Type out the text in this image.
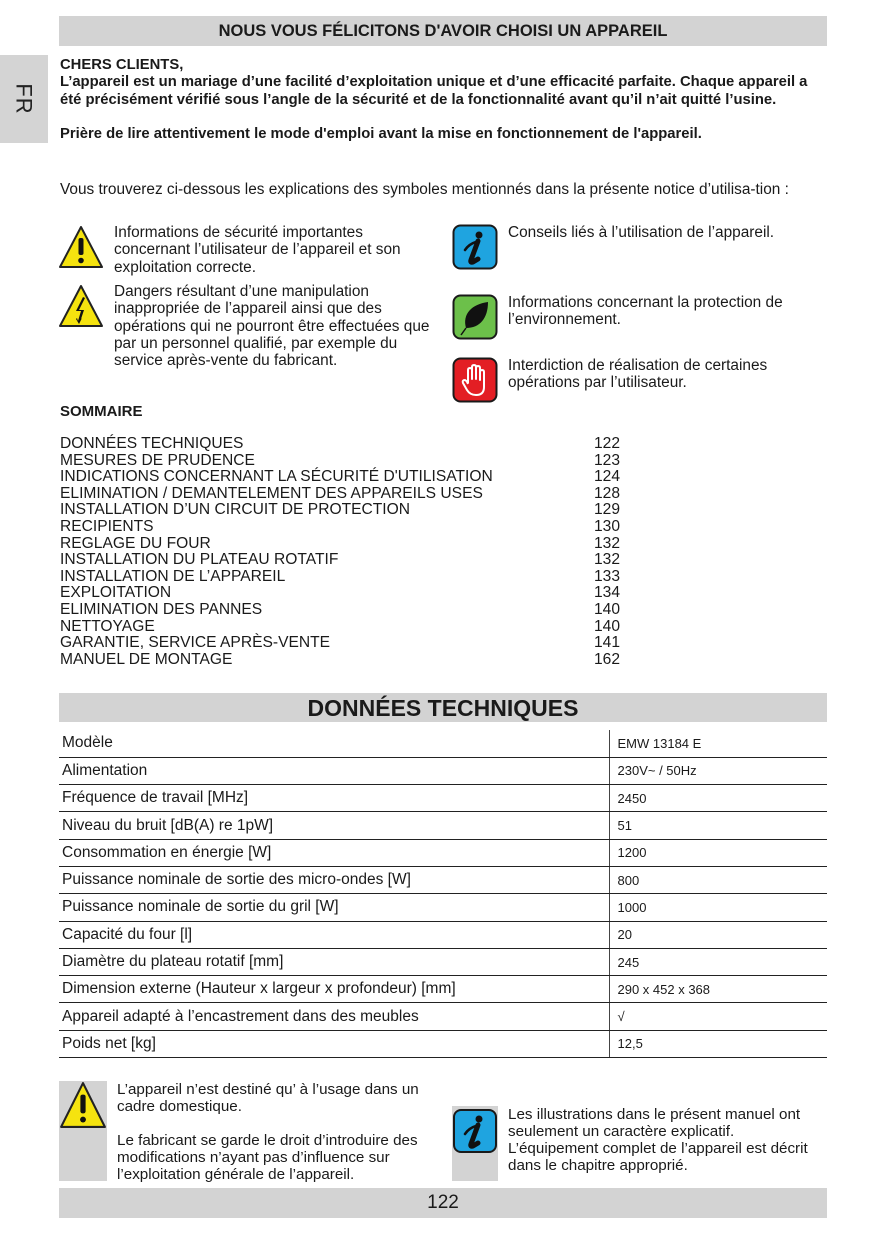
FR
NOUS VOUS FÉLICITONS D'AVOIR CHOISI UN APPAREIL

CHERS CLIENTS,

L’appareil est un mariage d’une facilité d’exploitation unique et d’une efficacité parfaite. Chaque appareil a été précisément vérifié sous l’angle de la sécurité et de la fonctionnalité avant qu’il n’ait quitté l’usine.

Prière de lire attentivement le mode d'emploi avant la mise en fonctionnement de l'appareil.

Vous trouverez ci-dessous les explications des symboles mentionnés dans la présente notice d’utilisa-tion :
Informations de sécurité importantes concernant l’utilisateur de l’appareil et son exploitation correcte.
Dangers résultant d’une manipulation inappropriée de l’appareil ainsi que des opérations qui ne pourront être effectuées que par un personnel qualifié, par exemple du service après-vente du fabricant.
Conseils liés à l’utilisation de l’appareil.
Informations concernant la protection de l’environnement.
Interdiction de réalisation de certaines opérations par l’utilisateur.
SOMMAIRE
DONNÉES TECHNIQUES	122
MESURES DE PRUDENCE	123
INDICATIONS CONCERNANT LA SÉCURITÉ D'UTILISATION	124
ELIMINATION / DEMANTELEMENT DES APPAREILS USES	128
INSTALLATION D’UN CIRCUIT DE PROTECTION	129
RECIPIENTS	130
REGLAGE DU FOUR	132
INSTALLATION DU PLATEAU ROTATIF	132
INSTALLATION DE L’APPAREIL	133
EXPLOITATION	134
ELIMINATION DES PANNES	140
NETTOYAGE	140
GARANTIE, SERVICE APRÈS-VENTE	141
MANUEL DE MONTAGE	162
DONNÉES TECHNIQUES
Modèle	EMW 13184 E
Alimentation	230V~ / 50Hz
Fréquence de travail [MHz]	2450
Niveau du bruit [dB(A) re 1pW]	51
Consommation en énergie [W]	1200
Puissance nominale de sortie des micro-ondes [W]	800
Puissance nominale de sortie du gril [W]	1000
Capacité du four [l]	20
Diamètre du plateau rotatif [mm]	245
Dimension externe (Hauteur x largeur x profondeur) [mm]	290 x 452 x 368
Appareil adapté à l’encastrement dans des meubles	√
Poids net [kg]	12,5

L’appareil n’est destiné qu’ à l’usage dans un cadre domestique.

Le fabricant se garde le droit d’introduire des modifications n’ayant pas d’influence sur l’exploitation générale de l’appareil.

Les illustrations dans le présent manuel ont seulement un caractère explicatif. L’équipement complet de l’appareil est décrit dans le chapitre approprié.
122
